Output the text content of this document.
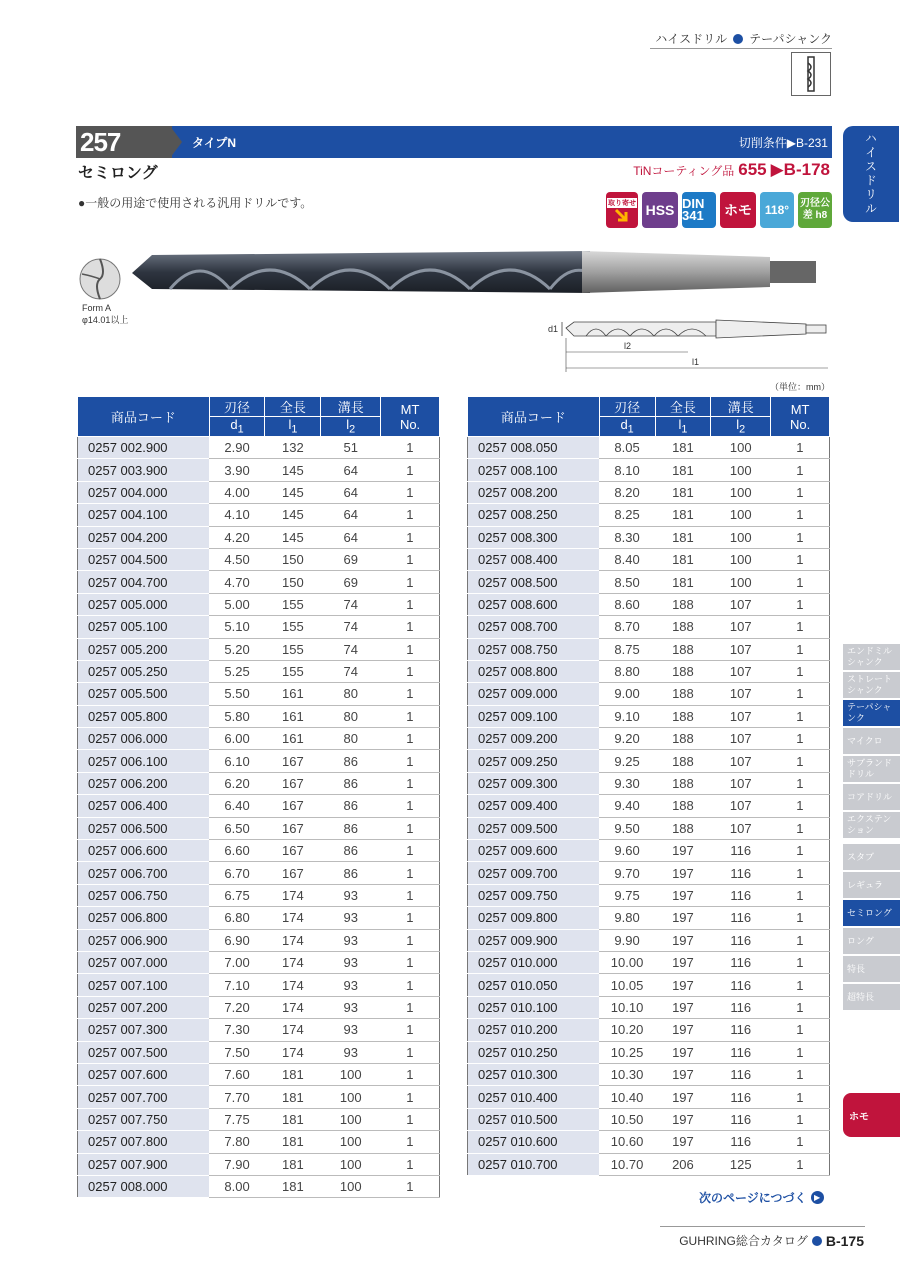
ハイスドリル テーパシャンク
257	タイプN	切削条件▶B-231
セミロング	TiNコーティング品 655 ▶B-178
●一般の用途で使用される汎用ドリルです。	取り寄せ HSS DIN 341	ホモ	118°	刃径公差 h8	ハイスドリル
Form A
φ14.01以上
d1
l2
l1
（単位：mm）
商品コード	刃径	全長	溝長	MT
No.
	$d_1$	$l_1$	$l_2$
0257 002.900	2.90	132	51	1
0257 003.900	3.90	145	64	1
0257 004.000	4.00	145	64	1
0257 004.100	4.10	145	64	1
0257 004.200	4.20	145	64	1
0257 004.500	4.50	150	69	1
0257 004.700	4.70	150	69	1
0257 005.000	5.00	155	74	1
0257 005.100	5.10	155	74	1
0257 005.200	5.20	155	74	1
0257 005.250	5.25	155	74	1
0257 005.500	5.50	161	80	1
0257 005.800	5.80	161	80	1
0257 006.000	6.00	161	80	1
0257 006.100	6.10	167	86	1
0257 006.200	6.20	167	86	1
0257 006.400	6.40	167	86	1
0257 006.500	6.50	167	86	1
0257 006.600	6.60	167	86	1
0257 006.700	6.70	167	86	1
0257 006.750	6.75	174	93	1
0257 006.800	6.80	174	93	1
0257 006.900	6.90	174	93	1
0257 007.000	7.00	174	93	1
0257 007.100	7.10	174	93	1
0257 007.200	7.20	174	93	1
0257 007.300	7.30	174	93	1
0257 007.500	7.50	174	93	1
0257 007.600	7.60	181	100	1
0257 007.700	7.70	181	100	1
0257 007.750	7.75	181	100	1
0257 007.800	7.80	181	100	1
0257 007.900	7.90	181	100	1
0257 008.000	8.00	181	100	1
商品コード	刃径	全長	溝長	MT
No.
	$d_1$	$l_1$	$l_2$
0257 008.050	8.05	181	100	1
0257 008.100	8.10	181	100	1
0257 008.200	8.20	181	100	1
0257 008.250	8.25	181	100	1
0257 008.300	8.30	181	100	1
0257 008.400	8.40	181	100	1
0257 008.500	8.50	181	100	1
0257 008.600	8.60	188	107	1
0257 008.700	8.70	188	107	1
0257 008.750	8.75	188	107	1
0257 008.800	8.80	188	107	1
0257 009.000	9.00	188	107	1
0257 009.100	9.10	188	107	1
0257 009.200	9.20	188	107	1
0257 009.250	9.25	188	107	1
0257 009.300	9.30	188	107	1
0257 009.400	9.40	188	107	1
0257 009.500	9.50	188	107	1
0257 009.600	9.60	197	116	1
0257 009.700	9.70	197	116	1
0257 009.750	9.75	197	116	1
0257 009.800	9.80	197	116	1
0257 009.900	9.90	197	116	1
0257 010.000	10.00	197	116	1
0257 010.050	10.05	197	116	1
0257 010.100	10.10	197	116	1
0257 010.200	10.20	197	116	1
0257 010.250	10.25	197	116	1
0257 010.300	10.30	197	116	1
0257 010.400	10.40	197	116	1
0257 010.500	10.50	197	116	1
0257 010.600	10.60	197	116	1
0257 010.700	10.70	206	125	1
エンドミルシャンク
ストレートシャンク
テーパシャンク
マイクロ
サブランドドリル
コアドリル
エクステンション
スタブ
レギュラ
セミロング
ロング
特長
超特長
ホモ
次のページにつづく ▶
GUHRING総合カタログ B-175
